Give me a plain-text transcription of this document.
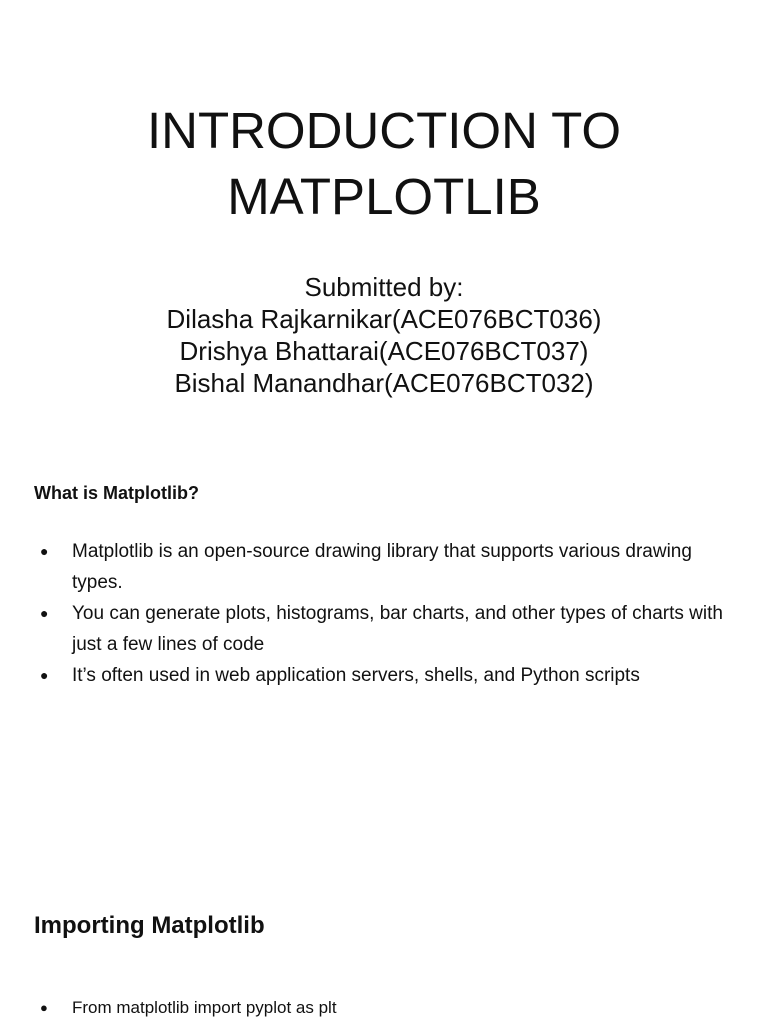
INTRODUCTION TO
MATPLOTLIB
Submitted by:
Dilasha Rajkarnikar(ACE076BCT036)
Drishya Bhattarai(ACE076BCT037)
Bishal Manandhar(ACE076BCT032)
What is Matplotlib?
● Matplotlib is an open-source drawing library that supports various drawing types.
● You can generate plots, histograms, bar charts, and other types of charts with just a few lines of code
● It’s often used in web application servers, shells, and Python scripts
Importing Matplotlib
● From matplotlib import pyplot as plt
